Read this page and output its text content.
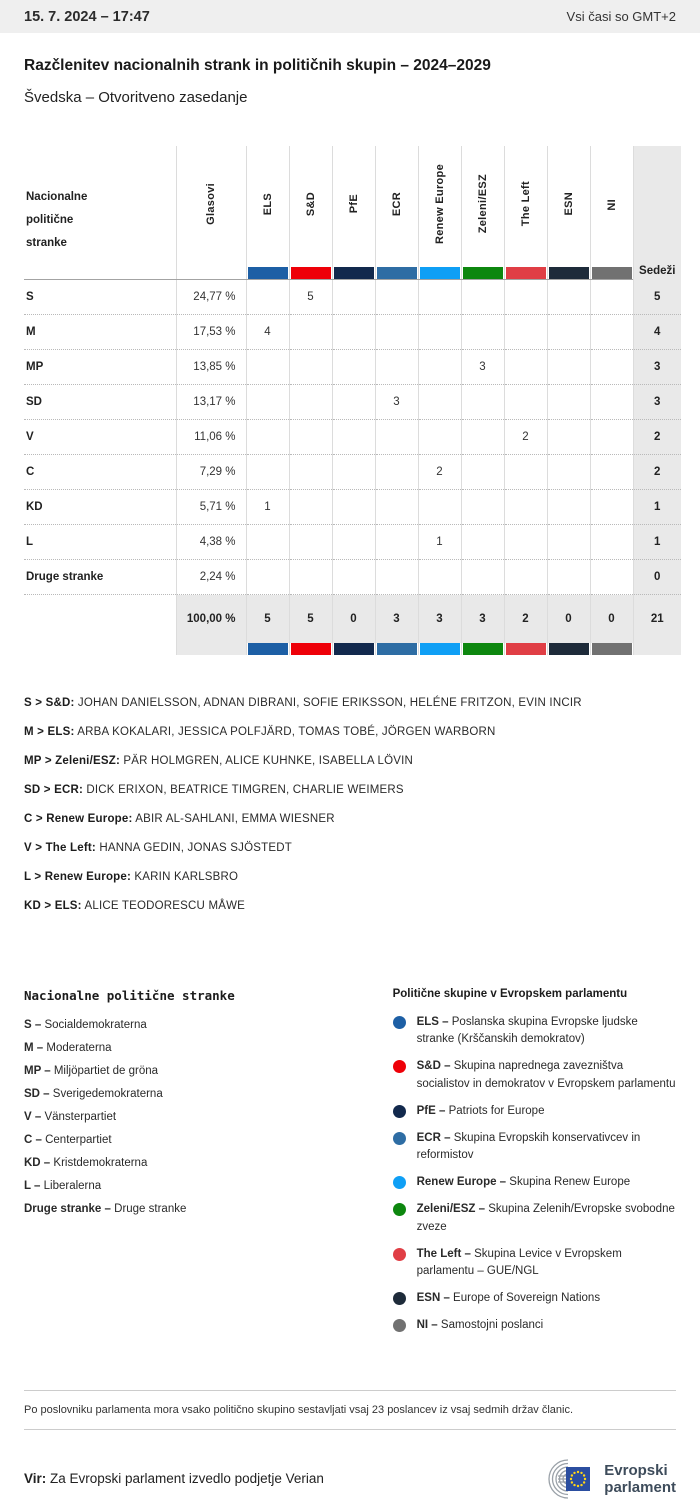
15. 7. 2024 – 17:47	Vsi časi so GMT+2

Razčlenitev nacionalnih strank in političnih skupin – 2024–2029

Švedska – Otvoritveno zasedanje

Nacionalne politične stranke	Glasovi	ELS	S&D	PfE	ECR	Renew Europe	Zeleni/ESZ	The Left	ESN	NI	Sedeži

S	24,77 %		5								5
M	17,53 %	4									4
MP	13,85 %						3				3
SD	13,17 %				3						3
V	11,06 %							2			2
C	7,29 %					2					2
KD	5,71 %	1									1
L	4,38 %					1					1
Druge stranke	2,24 %										0
	100,00 %	5	5	0	3	3	3	2	0	0	21

S > S&D: JOHAN DANIELSSON, ADNAN DIBRANI, SOFIE ERIKSSON, HELÉNE FRITZON, EVIN INCIR

M > ELS: ARBA KOKALARI, JESSICA POLFJÄRD, TOMAS TOBÉ, JÖRGEN WARBORN

MP > Zeleni/ESZ: PÄR HOLMGREN, ALICE KUHNKE, ISABELLA LÖVIN

SD > ECR: DICK ERIXON, BEATRICE TIMGREN, CHARLIE WEIMERS

C > Renew Europe: ABIR AL-SAHLANI, EMMA WIESNER

V > The Left: HANNA GEDIN, JONAS SJÖSTEDT

L > Renew Europe: KARIN KARLSBRO

KD > ELS: ALICE TEODORESCU MÅWE

Nacionalne politične stranke

S – Socialdemokraterna

M – Moderaterna

MP – Miljöpartiet de gröna

SD – Sverigedemokraterna

V – Vänsterpartiet

C – Centerpartiet

KD – Kristdemokraterna

L – Liberalerna

Druge stranke – Druge stranke

Politične skupine v Evropskem parlamentu

ELS – Poslanska skupina Evropske ljudske stranke (Krščanskih demokratov)
S&D – Skupina naprednega zavezništva socialistov in demokratov v Evropskem parlamentu
PfE – Patriots for Europe
ECR – Skupina Evropskih konservativcev in reformistov
Renew Europe – Skupina Renew Europe
Zeleni/ESZ – Skupina Zelenih/Evropske svobodne zveze
The Left – Skupina Levice v Evropskem parlamentu – GUE/NGL
ESN – Europe of Sovereign Nations
NI – Samostojni poslanci

Po poslovniku parlamenta mora vsako politično skupino sestavljati vsaj 23 poslancev iz vsaj sedmih držav članic.

Vir: Za Evropski parlament izvedlo podjetje Verian
Evropski
parlament
